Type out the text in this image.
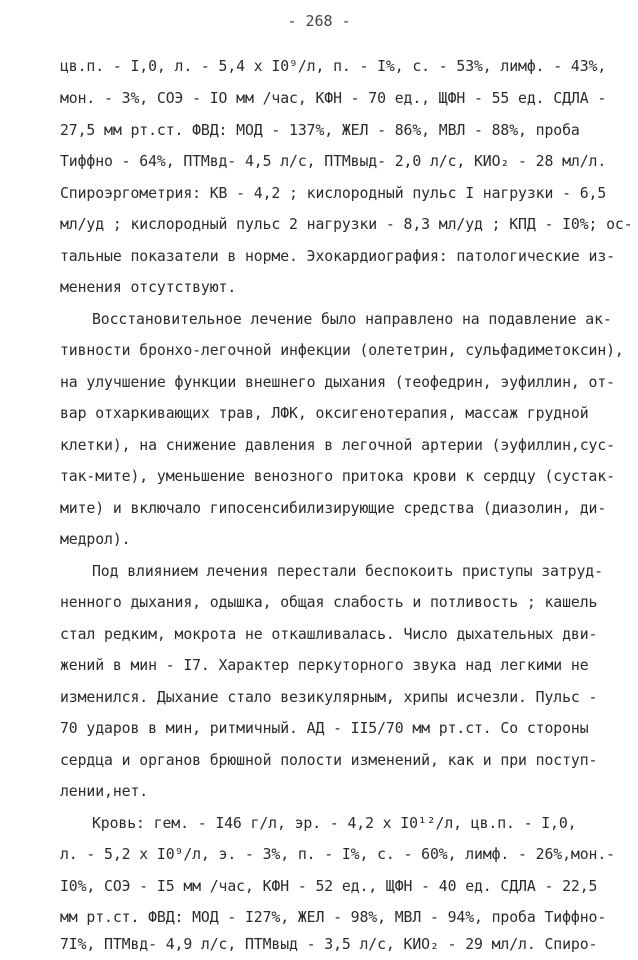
- 268 -
цв.п. - I,0, л. - 5,4 x I0⁹/л, п. - I%, с. - 53%, лимф. - 43%,
мон. - 3%, СОЭ - IO мм /час, КФН - 70 ед., ЩФН - 55 ед. СДЛА -
27,5 мм рт.ст. ФВД: МОД - 137%, ЖЕЛ - 86%, МВЛ - 88%, проба
Тиффно - 64%, ПТМвд- 4,5 л/с, ПТМвыд- 2,0 л/с, КИО₂ - 28 мл/л.
Спироэргометрия: КВ - 4,2 ; кислородный пульс I нагрузки - 6,5
мл/уд ; кислородный пульс 2 нагрузки - 8,3 мл/уд ; КПД - I0%; ос-
тальные показатели в норме. Эхокардиография: патологические из-
менения отсутствуют.
Восстановительное лечение было направлено на подавление ак-
тивности бронхо-легочной инфекции (олететрин, сульфадиметоксин),
на улучшение функции внешнего дыхания (теофедрин, эуфиллин, от-
вар отхаркивающих трав, ЛФК, оксигенотерапия, массаж грудной
клетки), на снижение давления в легочной артерии (эуфиллин,сус-
так-мите), уменьшение венозного притока крови к сердцу (сустак-
мите) и включало гипосенсибилизирующие средства (диазолин, ди-
медрол).
Под влиянием лечения перестали беспокоить приступы затруд-
ненного дыхания, одышка, общая слабость и потливость ; кашель
стал редким, мокрота не откашливалась. Число дыхательных дви-
жений в мин - I7. Характер перкуторного звука над легкими не
изменился. Дыхание стало везикулярным, хрипы исчезли. Пульс -
70 ударов в мин, ритмичный. АД - II5/70 мм рт.ст. Со стороны
сердца и органов брюшной полости изменений, как и при поступ-
лении,нет.
Кровь: гем. - I46 г/л, эр. - 4,2 x I0¹²/л, цв.п. - I,0,
л. - 5,2 x I0⁹/л, э. - 3%, п. - I%, с. - 60%, лимф. - 26%,мон.-
I0%, СОЭ - I5 мм /час, КФН - 52 ед., ЩФН - 40 ед. СДЛА - 22,5
мм рт.ст. ФВД: МОД - I27%, ЖЕЛ - 98%, МВЛ - 94%, проба Тиффно-
7I%, ПТМвд- 4,9 л/с, ПТМвыд - 3,5 л/с, КИО₂ - 29 мл/л. Спиро-
